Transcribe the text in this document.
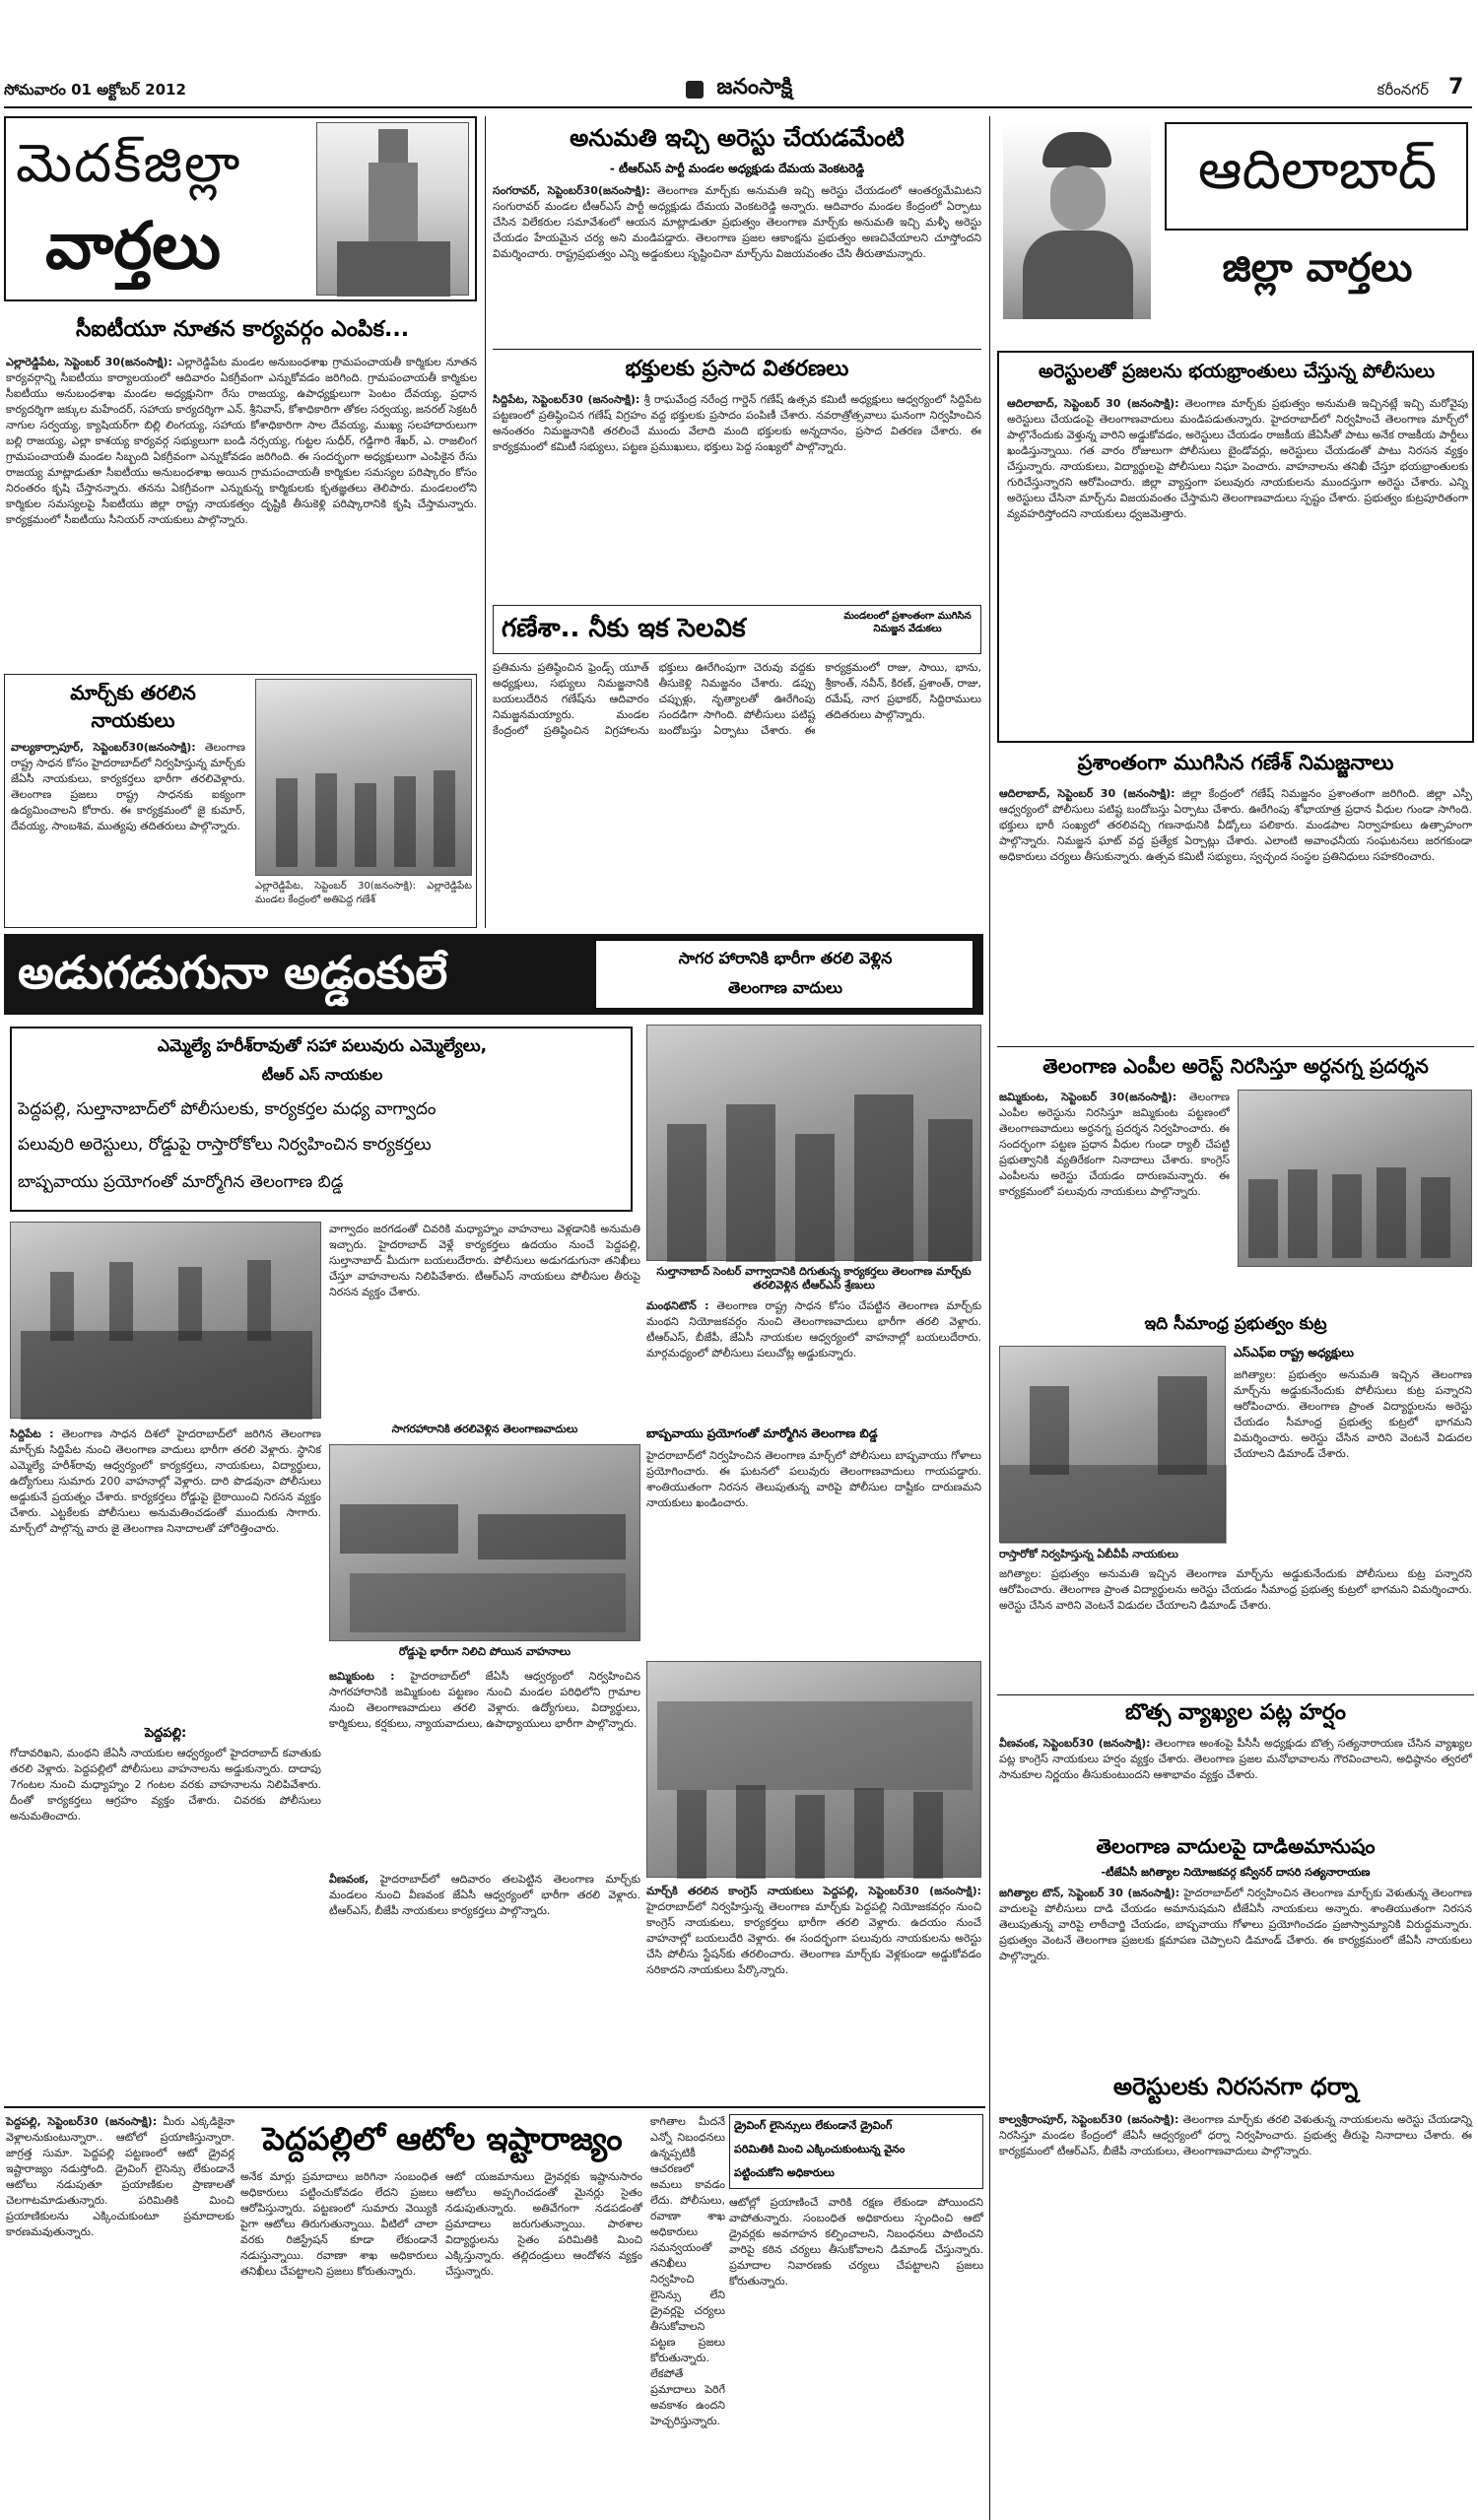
సోమవారం 01 అక్టోబర్ 2012	జనంసాక్షి	కరీంనగర్ 7
మెదక్‌జిల్లా
వార్తలు
సీఐటీయూ నూతన కార్యవర్గం ఎంపిక...
ఎల్లారెడ్డిపేట, సెప్టెంబర్ 30(జనంసాక్షి): ఎల్లారెడ్డిపేట మండల అనుబంధశాఖ గ్రామపంచాయతీ కార్మికుల నూతన కార్యవర్గాన్ని సీఐటీయు కార్యాలయంలో ఆదివారం ఏకగ్రీవంగా ఎన్నుకోవడం జరిగింది. గ్రామపంచాయతీ కార్మికుల సీఐటీయు అనుబంధశాఖ మండల అధ్యక్షునిగా రేసు రాజయ్య, ఉపాధ్యక్షులుగా పెంటం దేవయ్య, ప్రధాన కార్యదర్శిగా జక్కుల మహేందర్, సహాయ కార్యదర్శిగా ఎన్. శ్రీనివాస్, కోశాధికారిగా తోకల సర్వయ్య, జనరల్ సెక్రటరీ నాగుల సర్వయ్య, క్యాషియర్‌గా బిల్లి లింగయ్య, సహాయ కోశాధికారిగా సాల దేవయ్య, ముఖ్య సలహాదారులుగా బల్లి రాజయ్య, ఎల్లా కాశయ్య కార్యవర్గ సభ్యులుగా బండి నర్సయ్య, గుట్టల సుధీర్, గడ్డిగారి శేఖర్, ఎ. రాజలింగ గ్రామపంచాయతీ మండల సిబ్బంది ఏకగ్రీవంగా ఎన్నుకోవడం జరిగింది. ఈ సందర్భంగా అధ్యక్షులుగా ఎంపికైన రేసు రాజయ్య మాట్లాడుతూ సీఐటీయు అనుబంధశాఖ అయిన గ్రామపంచాయతీ కార్మికుల సమస్యల పరిష్కారం కోసం నిరంతరం కృషి చేస్తానన్నారు. తనను ఏకగ్రీవంగా ఎన్నుకున్న కార్మికులకు కృతజ్ఞతలు తెలిపారు. మండలంలోని కార్మికుల సమస్యలపై సీఐటీయు జిల్లా రాష్ట్ర నాయకత్వం దృష్టికి తీసుకెళ్లి పరిష్కారానికి కృషి చేస్తామన్నారు. కార్యక్రమంలో సీఐటీయు సీనియర్ నాయకులు పాల్గొన్నారు.
మార్చ్‌కు తరలిన
నాయకులు
వాల్యకార్సాపూర్, సెప్టెంబర్30(జనంసాక్షి): తెలంగాణ రాష్ట్ర సాధన కోసం హైదరాబాద్‌లో నిర్వహిస్తున్న మార్చ్‌కు జేఏసీ నాయకులు, కార్యకర్తలు భారీగా తరలివెళ్లారు. తెలంగాణ ప్రజలు రాష్ట్ర సాధనకు ఐక్యంగా ఉద్యమించాలని కోరారు. ఈ కార్యక్రమంలో జై కుమార్, దేవయ్య, సాంబశివ, ముత్యపు తదితరులు పాల్గొన్నారు.
ఎల్లారెడ్డిపేట, సెప్టెంబర్ 30(జనంసాక్షి): ఎల్లారెడ్డిపేట మండల కేంద్రంలో అతిపెద్ద గణేశ్
అనుమతి ఇచ్చి అరెస్టు చేయడమేంటి
- టీఆర్ఎస్ పార్టీ మండల అధ్యక్షుడు దేమయ వెంకటరెడ్డి
సంగరావర్, సెప్టెంబర్30(జనంసాక్షి): తెలంగాణ మార్చ్‌కు అనుమతి ఇచ్చి అరెస్టు చేయడంలో ఆంతర్యమేమిటని సంగురావర్ మండల టీఆర్ఎస్ పార్టీ అధ్యక్షుడు దేమయ వెంకటరెడ్డి అన్నారు. ఆదివారం మండల కేంద్రంలో ఏర్పాటు చేసిన విలేకరుల సమావేశంలో ఆయన మాట్లాడుతూ ప్రభుత్వం తెలంగాణ మార్చ్‌కు అనుమతి ఇచ్చి మళ్ళీ అరెస్టు చేయడం హేయమైన చర్య అని మండిపడ్డారు. తెలంగాణ ప్రజల ఆకాంక్షను ప్రభుత్వం అణచివేయాలని చూస్తోందని విమర్శించారు. రాష్ట్రప్రభుత్వం ఎన్ని అడ్డంకులు సృష్టించినా మార్చ్‌ను విజయవంతం చేసి తీరుతామన్నారు.
భక్తులకు ప్రసాద వితరణలు
సిద్దిపేట, సెప్టెంబర్30 (జనంసాక్షి): శ్రీ రాఘవేంద్ర నరేంద్ర గార్డెన్ గణేష్ ఉత్సవ కమిటీ అధ్యక్షులు ఆధ్వర్యంలో సిద్దిపేట పట్టణంలో ప్రతిష్ఠించిన గణేష్ విగ్రహం వద్ద భక్తులకు ప్రసాదం పంపిణీ చేశారు. నవరాత్రోత్సవాలు ఘనంగా నిర్వహించిన అనంతరం నిమజ్జనానికి తరలించే ముందు వేలాది మంది భక్తులకు అన్నదానం, ప్రసాద వితరణ చేశారు. ఈ కార్యక్రమంలో కమిటీ సభ్యులు, పట్టణ ప్రముఖులు, భక్తులు పెద్ద సంఖ్యలో పాల్గొన్నారు.
గణేశా.. నీకు ఇక సెలవిక	మండలంలో ప్రశాంతంగా ముగిసిన నిమజ్జన వేడుకలు
ప్రతిమను ప్రతిష్ఠించిన ఫ్రెండ్స్ యూత్ అధ్యక్షులు, సభ్యులు నిమజ్జనానికి బయలుదేరిన గణేష్‌ను ఆదివారం నిమజ్జనమయ్యారు. మండల కేంద్రంలో ప్రతిష్ఠించిన విగ్రహాలను భక్తులు ఊరేగింపుగా చెరువు వద్దకు తీసుకెళ్లి నిమజ్జనం చేశారు. డప్పు చప్పుళ్లు, నృత్యాలతో ఊరేగింపు సందడిగా సాగింది. పోలీసులు పటిష్ట బందోబస్తు ఏర్పాటు చేశారు. ఈ కార్యక్రమంలో రాజు, సాయి, భాను, శ్రీకాంత్, నవీన్, కిరణ్, ప్రశాంత్, రాజు, రమేష్, నాగ ప్రభాకర్, సిద్దిరాములు తదితరులు పాల్గొన్నారు.
ఆదిలాబాద్
జిల్లా వార్తలు
అరెస్టులతో ప్రజలను భయభ్రాంతులు చేస్తున్న పోలీసులు
ఆదిలాబాద్, సెప్టెంబర్ 30 (జనంసాక్షి): తెలంగాణ మార్చ్‌కు ప్రభుత్వం అనుమతి ఇచ్చినట్లే ఇచ్చి మరోవైపు అరెస్టులు చేయడంపై తెలంగాణవాదులు మండిపడుతున్నారు. హైదరాబాద్‌లో నిర్వహించే తెలంగాణ మార్చ్‌లో పాల్గొనేందుకు వెళ్తున్న వారిని అడ్డుకోవడం, అరెస్టులు చేయడం రాజకీయ జేఏసీతో పాటు అనేక రాజకీయ పార్టీలు ఖండిస్తున్నాయి. గత వారం రోజులుగా పోలీసులు బైండోవర్లు, అరెస్టులు చేయడంతో పాటు నిరసన వ్యక్తం చేస్తున్నారు. నాయకులు, విద్యార్థులపై పోలీసులు నిఘా పెంచారు. వాహనాలను తనిఖీ చేస్తూ భయభ్రాంతులకు గురిచేస్తున్నారని ఆరోపించారు. జిల్లా వ్యాప్తంగా పలువురు నాయకులను ముందస్తుగా అరెస్టు చేశారు. ఎన్ని అరెస్టులు చేసినా మార్చ్‌ను విజయవంతం చేస్తామని తెలంగాణవాదులు స్పష్టం చేశారు. ప్రభుత్వం కుట్రపూరితంగా వ్యవహరిస్తోందని నాయకులు ధ్వజమెత్తారు.
ప్రశాంతంగా ముగిసిన గణేశ్ నిమజ్జనాలు
ఆదిలాబాద్, సెప్టెంబర్ 30 (జనంసాక్షి): జిల్లా కేంద్రంలో గణేష్ నిమజ్జనం ప్రశాంతంగా జరిగింది. జిల్లా ఎస్పీ ఆధ్వర్యంలో పోలీసులు పటిష్ట బందోబస్తు ఏర్పాటు చేశారు. ఊరేగింపు శోభాయాత్ర ప్రధాన వీధుల గుండా సాగింది. భక్తులు భారీ సంఖ్యలో తరలివచ్చి గణనాథునికి వీడ్కోలు పలికారు. మండపాల నిర్వాహకులు ఉత్సాహంగా పాల్గొన్నారు. నిమజ్జన ఘాట్ వద్ద ప్రత్యేక ఏర్పాట్లు చేశారు. ఎలాంటి అవాంఛనీయ సంఘటనలు జరగకుండా అధికారులు చర్యలు తీసుకున్నారు. ఉత్సవ కమిటీ సభ్యులు, స్వచ్ఛంద సంస్థల ప్రతినిధులు సహకరించారు.
తెలంగాణ ఎంపీల అరెస్ట్ నిరసిస్తూ అర్ధనగ్న ప్రదర్శన
జమ్మికుంట, సెప్టెంబర్ 30(జనంసాక్షి): తెలంగాణ ఎంపీల అరెస్టును నిరసిస్తూ జమ్మికుంట పట్టణంలో తెలంగాణవాదులు అర్ధనగ్న ప్రదర్శన నిర్వహించారు. ఈ సందర్భంగా పట్టణ ప్రధాన వీధుల గుండా ర్యాలీ చేపట్టి ప్రభుత్వానికి వ్యతిరేకంగా నినాదాలు చేశారు. కాంగ్రెస్ ఎంపీలను అరెస్టు చేయడం దారుణమన్నారు. ఈ కార్యక్రమంలో పలువురు నాయకులు పాల్గొన్నారు.
ఇది సీమాంధ్ర ప్రభుత్వం కుట్ర
ఎస్ఎఫ్ఐ రాష్ట్ర అధ్యక్షులు
జగిత్యాల: ప్రభుత్వం అనుమతి ఇచ్చిన తెలంగాణ మార్చ్‌ను అడ్డుకునేందుకు పోలీసులు కుట్ర పన్నారని ఆరోపించారు. తెలంగాణ ప్రాంత విద్యార్థులను అరెస్టు చేయడం సీమాంధ్ర ప్రభుత్వ కుట్రలో భాగమని విమర్శించారు. అరెస్టు చేసిన వారిని వెంటనే విడుదల చేయాలని డిమాండ్ చేశారు.
రాస్తారోకో నిర్వహిస్తున్న ఏబీవీపీ నాయకులు
జగిత్యాల: ప్రభుత్వం అనుమతి ఇచ్చిన తెలంగాణ మార్చ్‌ను అడ్డుకునేందుకు పోలీసులు కుట్ర పన్నారని ఆరోపించారు. తెలంగాణ ప్రాంత విద్యార్థులను అరెస్టు చేయడం సీమాంధ్ర ప్రభుత్వ కుట్రలో భాగమని విమర్శించారు. అరెస్టు చేసిన వారిని వెంటనే విడుదల చేయాలని డిమాండ్ చేశారు.
బొత్స వ్యాఖ్యల పట్ల హర్షం
వీణవంక, సెప్టెంబర్30 (జనంసాక్షి): తెలంగాణ అంశంపై పీసీసీ అధ్యక్షుడు బొత్స సత్యనారాయణ చేసిన వ్యాఖ్యల పట్ల కాంగ్రెస్ నాయకులు హర్షం వ్యక్తం చేశారు. తెలంగాణ ప్రజల మనోభావాలను గౌరవించాలని, అధిష్ఠానం త్వరలో సానుకూల నిర్ణయం తీసుకుంటుందని ఆశాభావం వ్యక్తం చేశారు.
తెలంగాణ వాదులపై దాడిఅమానుషం
-టీజేఏసీ జగిత్యాల నియోజకవర్గ కన్వీనర్ దాసరి సత్యనారాయణ
జగిత్యాల టౌన్, సెప్టెంబర్ 30 (జనంసాక్షి): హైదరాబాద్‌లో నిర్వహించిన తెలంగాణ మార్చ్‌కు వెళుతున్న తెలంగాణ వాదులపై పోలీసులు దాడి చేయడం అమానుషమని టీజేఏసీ నాయకులు అన్నారు. శాంతియుతంగా నిరసన తెలుపుతున్న వారిపై లాఠీచార్జి చేయడం, బాష్పవాయు గోళాలు ప్రయోగించడం ప్రజాస్వామ్యానికి విరుద్ధమన్నారు. ప్రభుత్వం వెంటనే తెలంగాణ ప్రజలకు క్షమాపణ చెప్పాలని డిమాండ్ చేశారు. ఈ కార్యక్రమంలో జేఏసీ నాయకులు పాల్గొన్నారు.
అరెస్టులకు నిరసనగా ధర్నా
కాల్వశ్రీరాంపూర్, సెప్టెంబర్30 (జనంసాక్షి): తెలంగాణ మార్చ్‌కు తరలి వెళుతున్న నాయకులను అరెస్టు చేయడాన్ని నిరసిస్తూ మండల కేంద్రంలో జేఏసీ ఆధ్వర్యంలో ధర్నా నిర్వహించారు. ప్రభుత్వ తీరుపై నినాదాలు చేశారు. ఈ కార్యక్రమంలో టీఆర్ఎస్, బీజేపీ నాయకులు, తెలంగాణవాదులు పాల్గొన్నారు.
అడుగడుగునా అడ్డంకులే	సాగర హారానికి భారీగా తరలి వెళ్లిన
తెలంగాణ వాదులు
ఎమ్మెల్యే హరీశ్‌రావుతో సహా పలువురు ఎమ్మెల్యేలు,
టీఆర్ ఎస్ నాయకుల
పెద్దపల్లి, సుల్తానాబాద్‌లో పోలీసులకు, కార్యకర్తల మధ్య వాగ్వాదం
పలువురి అరెస్టులు, రోడ్డుపై రాస్తారోకోలు నిర్వహించిన కార్యకర్తలు
బాష్పవాయు ప్రయోగంతో మార్మోగిన తెలంగాణ బిడ్డ
సుల్తానాబాద్ సెంటర్ వాగ్వాదానికి దిగుతున్న కార్యకర్తలు తెలంగాణ మార్చ్‌కు తరలివెళ్లిన టీఆర్ఎస్ శ్రేణులు
వాగ్వాదం జరగడంతో చివరికి మధ్యాహ్నం వాహనాలు వెళ్లడానికి అనుమతి ఇచ్చారు. హైదరాబాద్ వెళ్లే కార్యకర్తలు ఉదయం నుంచే పెద్దపల్లి, సుల్తానాబాద్ మీదుగా బయలుదేరారు. పోలీసులు అడుగడుగునా తనిఖీలు చేస్తూ వాహనాలను నిలిపివేశారు. టీఆర్ఎస్ నాయకులు పోలీసుల తీరుపై నిరసన వ్యక్తం చేశారు.
మంథనిటౌన్ : తెలంగాణ రాష్ట్ర సాధన కోసం చేపట్టిన తెలంగాణ మార్చ్‌కు మంథని నియోజకవర్గం నుంచి తెలంగాణవాదులు భారీగా తరలి వెళ్లారు. టీఆర్ఎస్, బీజేపీ, జేఏసీ నాయకుల ఆధ్వర్యంలో వాహనాల్లో బయలుదేరారు. మార్గమధ్యంలో పోలీసులు పలుచోట్ల అడ్డుకున్నారు.
సాగరహారానికి తరలివెళ్లిన తెలంగాణవాదులు
సిద్దిపేట : తెలంగాణ సాధన దిశలో హైదరాబాద్‌లో జరిగిన తెలంగాణ మార్చ్‌కు సిద్దిపేట నుంచి తెలంగాణ వాదులు భారీగా తరలి వెళ్లారు. స్థానిక ఎమ్మెల్యే హరీశ్‌రావు ఆధ్వర్యంలో కార్యకర్తలు, నాయకులు, విద్యార్థులు, ఉద్యోగులు సుమారు 200 వాహనాల్లో వెళ్లారు. దారి పొడవునా పోలీసులు అడ్డుకునే ప్రయత్నం చేశారు. కార్యకర్తలు రోడ్డుపై బైఠాయించి నిరసన వ్యక్తం చేశారు. ఎట్టకేలకు పోలీసులు అనుమతించడంతో ముందుకు సాగారు. మార్చ్‌లో పాల్గొన్న వారు జై తెలంగాణ నినాదాలతో హోరెత్తించారు.
రోడ్డుపై భారీగా నిలిచి పోయిన వాహనాలు
బాష్పవాయు ప్రయోగంతో మార్మోగిన తెలంగాణ బిడ్డ
హైదరాబాద్‌లో నిర్వహించిన తెలంగాణ మార్చ్‌లో పోలీసులు బాష్పవాయు గోళాలు ప్రయోగించారు. ఈ ఘటనలో పలువురు తెలంగాణవాదులు గాయపడ్డారు. శాంతియుతంగా నిరసన తెలుపుతున్న వారిపై పోలీసుల దాష్టీకం దారుణమని నాయకులు ఖండించారు.
పెద్దపల్లి:
గోదావరిఖని, మంథని జేఏసీ నాయకుల ఆధ్వర్యంలో హైదరాబాద్ కవాతుకు తరలి వెళ్లారు. పెద్దపల్లిలో పోలీసులు వాహనాలను అడ్డుకున్నారు. దాదాపు 7గంటల నుంచి మధ్యాహ్నం 2 గంటల వరకు వాహనాలను నిలిపివేశారు. దీంతో కార్యకర్తలు ఆగ్రహం వ్యక్తం చేశారు. చివరకు పోలీసులు అనుమతించారు.
జమ్మికుంట : హైదరాబాద్‌లో జేఏసీ ఆధ్వర్యంలో నిర్వహించిన సాగరహారానికి జమ్మికుంట పట్టణం నుంచి మండల పరిధిలోని గ్రామాల నుంచి తెలంగాణవాదులు తరలి వెళ్లారు. ఉద్యోగులు, విద్యార్థులు, కార్మికులు, కర్షకులు, న్యాయవాదులు, ఉపాధ్యాయులు భారీగా పాల్గొన్నారు.
వీణవంక, హైదరాబాద్‌లో ఆదివారం తలపెట్టిన తెలంగాణ మార్చ్‌కు మండలం నుంచి వీణవంక జేఏసీ ఆధ్వర్యంలో భారీగా తరలి వెళ్లారు. టీఆర్ఎస్, బీజేపీ నాయకులు కార్యకర్తలు పాల్గొన్నారు.
మార్చ్‌కి తరలిన కాంగ్రెస్ నాయకులు పెద్దపల్లి, సెప్టెంబర్30 (జనంసాక్షి): హైదరాబాద్‌లో నిర్వహిస్తున్న తెలంగాణ మార్చ్‌కు పెద్దపల్లి నియోజకవర్గం నుంచి కాంగ్రెస్ నాయకులు, కార్యకర్తలు భారీగా తరలి వెళ్లారు. ఉదయం నుంచే వాహనాల్లో బయలుదేరి వెళ్లారు. ఈ సందర్భంగా పలువురు నాయకులను అరెస్టు చేసి పోలీసు స్టేషన్‌కు తరలించారు. తెలంగాణ మార్చ్‌కు వెళ్లకుండా అడ్డుకోవడం సరికాదని నాయకులు పేర్కొన్నారు.
పెద్దపల్లి, సెప్టెంబర్30 (జనంసాక్షి): మీరు ఎక్కడికైనా వెళ్లాలనుకుంటున్నారా.. ఆటోలో ప్రయాణిస్తున్నారా. జాగ్రత్త సుమా. పెద్దపల్లి పట్టణంలో ఆటో డ్రైవర్ల ఇష్టారాజ్యం నడుస్తోంది. డ్రైవింగ్ లైసెన్సు లేకుండానే ఆటోలు నడుపుతూ ప్రయాణికుల ప్రాణాలతో చెలగాటమాడుతున్నారు. పరిమితికి మించి ప్రయాణికులను ఎక్కించుకుంటూ ప్రమాదాలకు కారణమవుతున్నారు.
పెద్దపల్లిలో ఆటోల ఇష్టారాజ్యం
అనేక మార్లు ప్రమాదాలు జరిగినా సంబంధిత అధికారులు పట్టించుకోవడం లేదని ప్రజలు ఆరోపిస్తున్నారు. పట్టణంలో సుమారు వెయ్యికి పైగా ఆటోలు తిరుగుతున్నాయి. వీటిలో చాలా వరకు రిజిస్ట్రేషన్ కూడా లేకుండానే నడుస్తున్నాయి. రవాణా శాఖ అధికారులు తనిఖీలు చేపట్టాలని ప్రజలు కోరుతున్నారు.
ఆటో యజమానులు డ్రైవర్లకు ఇష్టానుసారం ఆటోలు అప్పగించడంతో మైనర్లు సైతం నడుపుతున్నారు. అతివేగంగా నడపడంతో ప్రమాదాలు జరుగుతున్నాయి. పాఠశాల విద్యార్థులను సైతం పరిమితికి మించి ఎక్కిస్తున్నారు. తల్లిదండ్రులు ఆందోళన వ్యక్తం చేస్తున్నారు.
కాగితాల మీదనే ఎన్నో నిబంధనలు ఉన్నప్పటికీ ఆచరణలో అమలు కావడం లేదు. పోలీసులు, రవాణా శాఖ అధికారులు సమన్వయంతో తనిఖీలు నిర్వహించి లైసెన్సు లేని డ్రైవర్లపై చర్యలు తీసుకోవాలని పట్టణ ప్రజలు కోరుతున్నారు. లేకపోతే ప్రమాదాలు పెరిగే అవకాశం ఉందని హెచ్చరిస్తున్నారు.
డ్రైవింగ్ లైసెన్సులు లేకుండానే డ్రైవింగ్
పరిమితికి మించి ఎక్కించుకుంటున్న వైనం
పట్టించుకోని అధికారులు
ఆటోల్లో ప్రయాణించే వారికి రక్షణ లేకుండా పోయిందని వాపోతున్నారు. సంబంధిత అధికారులు స్పందించి ఆటో డ్రైవర్లకు అవగాహన కల్పించాలని, నిబంధనలు పాటించని వారిపై కఠిన చర్యలు తీసుకోవాలని డిమాండ్ చేస్తున్నారు. ప్రమాదాల నివారణకు చర్యలు చేపట్టాలని ప్రజలు కోరుతున్నారు.
